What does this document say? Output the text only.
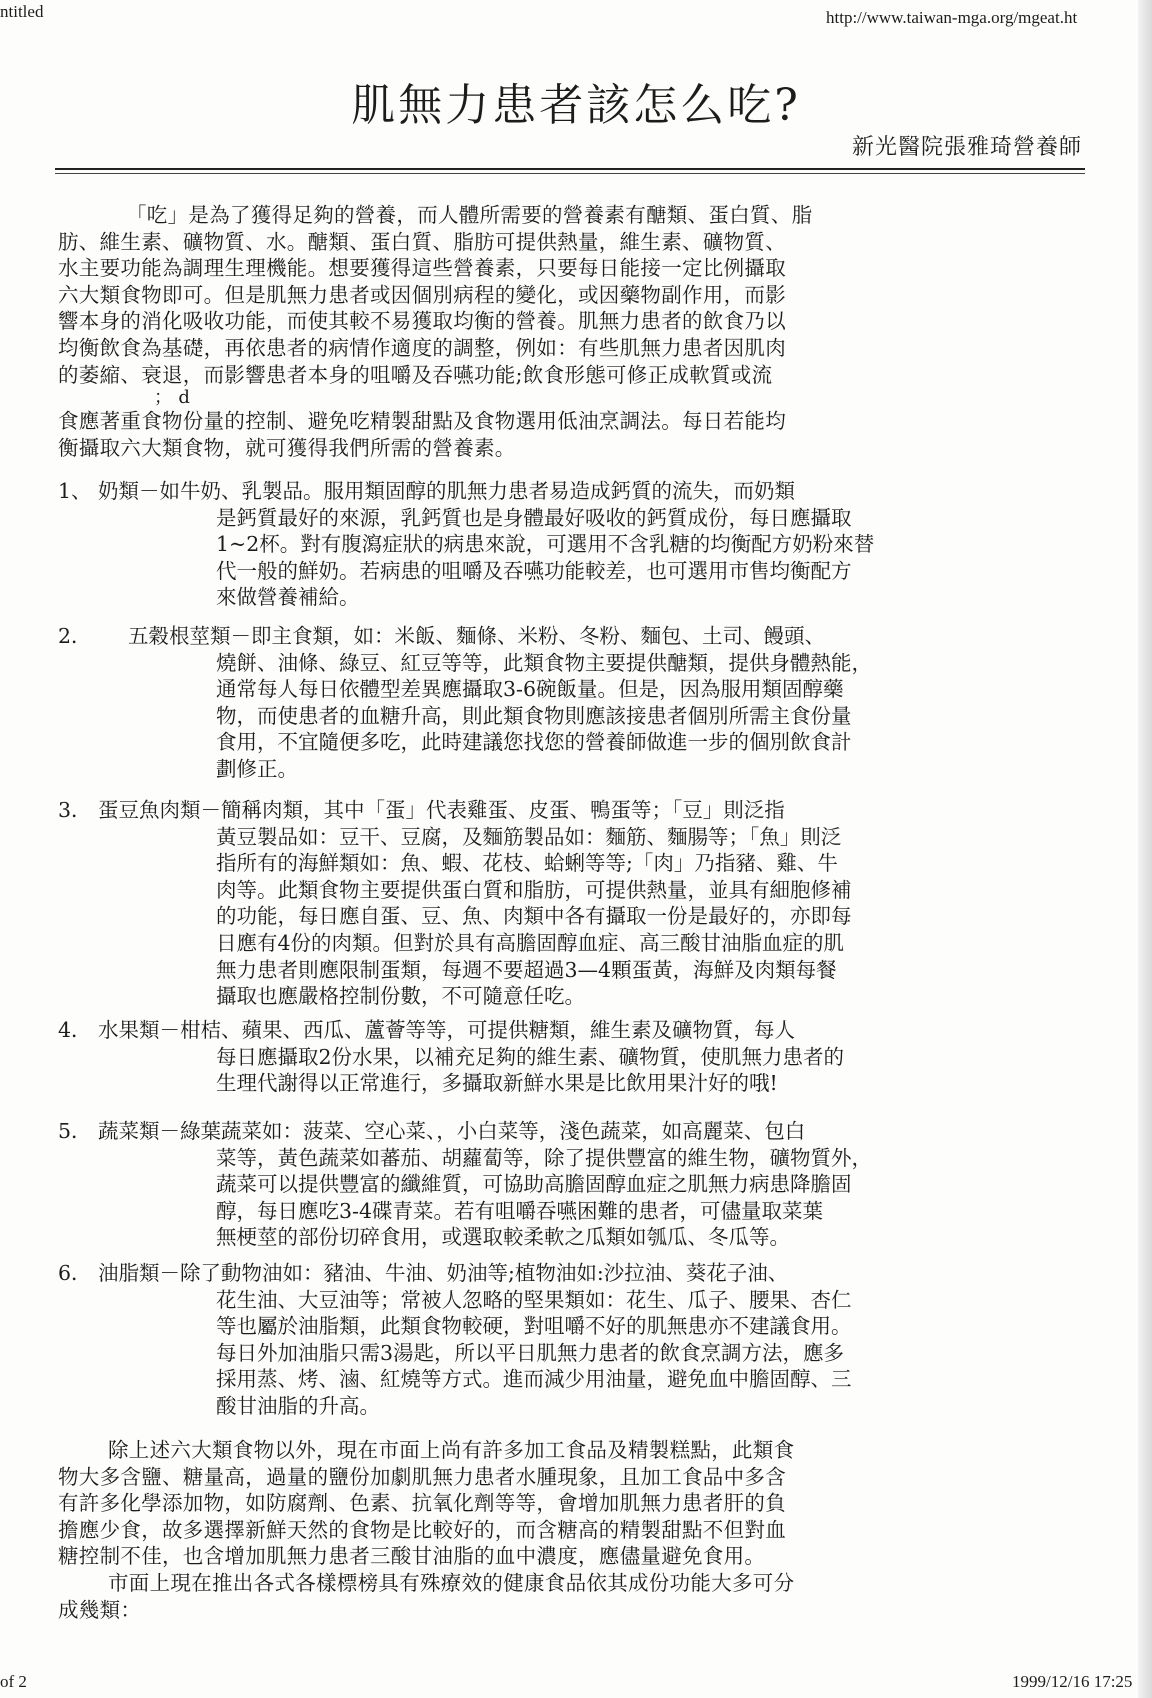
ntitled	http://www.taiwan-mga.org/mgeat.ht
肌無力患者該怎么吃?
新光醫院張雅琦營養師
「吃」是為了獲得足夠的營養，而人體所需要的營養素有醣類、蛋白質、脂
肪、維生素、礦物質、水。醣類、蛋白質、脂肪可提供熱量，維生素、礦物質、
水主要功能為調理生理機能。想要獲得這些營養素，只要每日能接一定比例攝取
六大類食物即可。但是肌無力患者或因個別病程的變化，或因藥物副作用，而影
響本身的消化吸收功能，而使其較不易獲取均衡的營養。肌無力患者的飲食乃以
均衡飲食為基礎，再依患者的病情作適度的調整，例如：有些肌無力患者因肌肉
的萎縮、衰退，而影響患者本身的咀嚼及吞嚥功能;飲食形態可修正成軟質或流
； d
食應著重食物份量的控制、避免吃精製甜點及食物選用低油烹調法。每日若能均
衡攝取六大類食物，就可獲得我們所需的營養素。
1、 奶類－如牛奶、乳製品。服用類固醇的肌無力患者易造成鈣質的流失，而奶類
是鈣質最好的來源，乳鈣質也是身體最好吸收的鈣質成份，每日應攝取
1~2杯。對有腹瀉症狀的病患來說，可選用不含乳糖的均衡配方奶粉來替
代一般的鮮奶。若病患的咀嚼及吞嚥功能較差，也可選用市售均衡配方
來做營養補給。
2．	五穀根莖類－即主食類，如：米飯、麵條、米粉、冬粉、麵包、土司、饅頭、
燒餅、油條、綠豆、紅豆等等，此類食物主要提供醣類，提供身體熱能，
通常每人每日依體型差異應攝取3-6碗飯量。但是，因為服用類固醇藥
物，而使患者的血糖升高，則此類食物則應該接患者個別所需主食份量
食用，不宜隨便多吃，此時建議您找您的營養師做進一步的個別飲食計
劃修正。
3． 蛋豆魚肉類－簡稱肉類，其中「蛋」代表雞蛋、皮蛋、鴨蛋等；「豆」則泛指
黃豆製品如：豆干、豆腐，及麵筋製品如：麵筋、麵腸等；「魚」則泛
指所有的海鮮類如：魚、蝦、花枝、蛤蜊等等;「肉」乃指豬、雞、牛
肉等。此類食物主要提供蛋白質和脂肪，可提供熱量，並具有細胞修補
的功能，每日應自蛋、豆、魚、肉類中各有攝取一份是最好的，亦即每
日應有4份的肉類。但對於具有高膽固醇血症、高三酸甘油脂血症的肌
無力患者則應限制蛋類，每週不要超過3—4顆蛋黃，海鮮及肉類每餐
攝取也應嚴格控制份數，不可隨意任吃。
4． 水果類－柑桔、蘋果、西瓜、蘆薈等等，可提供糖類，維生素及礦物質，每人
每日應攝取2份水果，以補充足夠的維生素、礦物質，使肌無力患者的
生理代謝得以正常進行，多攝取新鮮水果是比飲用果汁好的哦!
5． 蔬菜類－綠葉蔬菜如：菠菜、空心菜、，小白菜等，淺色蔬菜，如高麗菜、包白
菜等，黃色蔬菜如蕃茄、胡蘿蔔等，除了提供豐富的維生物，礦物質外，
蔬菜可以提供豐富的纖維質，可協助高膽固醇血症之肌無力病患降膽固
醇，每日應吃3-4碟青菜。若有咀嚼吞嚥困難的患者，可儘量取菜葉
無梗莖的部份切碎食用，或選取較柔軟之瓜類如瓠瓜、冬瓜等。
6． 油脂類－除了動物油如：豬油、牛油、奶油等;植物油如:沙拉油、葵花子油、
花生油、大豆油等；常被人忽略的堅果類如：花生、瓜子、腰果、杏仁
等也屬於油脂類，此類食物較硬，對咀嚼不好的肌無患亦不建議食用。
每日外加油脂只需3湯匙，所以平日肌無力患者的飲食烹調方法，應多
採用蒸、烤、滷、紅燒等方式。進而減少用油量，避免血中膽固醇、三
酸甘油脂的升高。
除上述六大類食物以外，現在市面上尚有許多加工食品及精製糕點，此類食
物大多含鹽、糖量高，過量的鹽份加劇肌無力患者水腫現象，且加工食品中多含
有許多化學添加物，如防腐劑、色素、抗氧化劑等等，會增加肌無力患者肝的負
擔應少食，故多選擇新鮮天然的食物是比較好的，而含糖高的精製甜點不但對血
糖控制不佳，也含增加肌無力患者三酸甘油脂的血中濃度，應儘量避免食用。
市面上現在推出各式各樣標榜具有殊療效的健康食品依其成份功能大多可分
成幾類：
of 2	1999/12/16 17:25
